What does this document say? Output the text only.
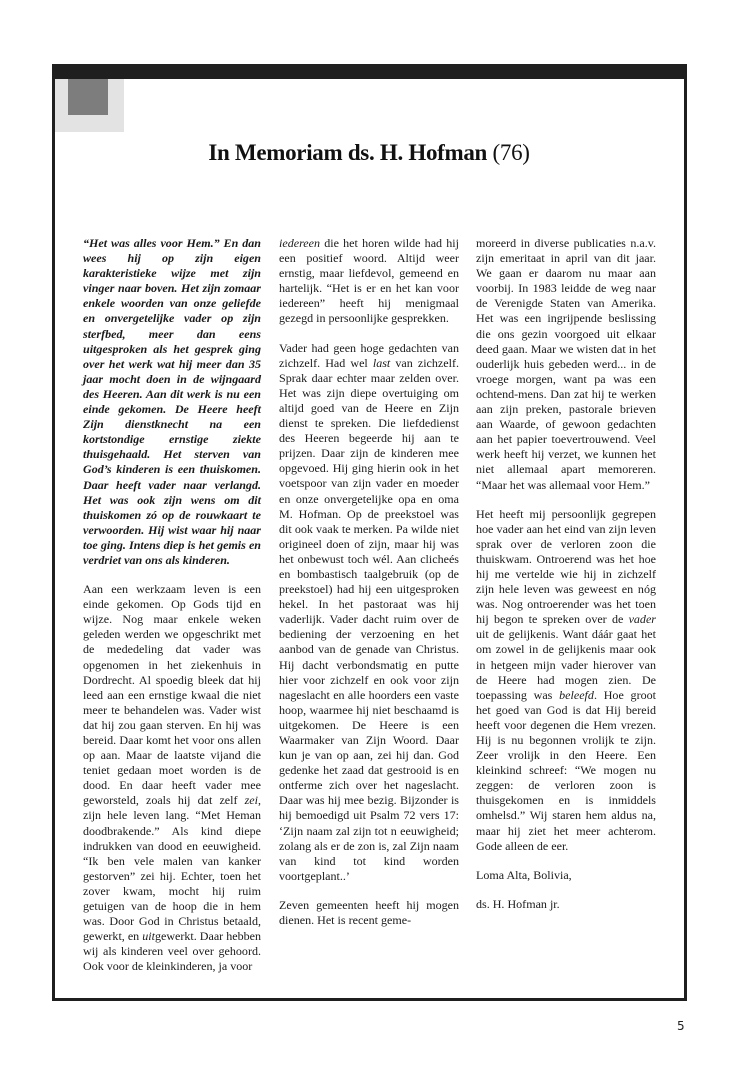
In Memoriam ds. H. Hofman (76)

“Het was alles voor Hem.” En dan wees hij op zijn eigen karakteristieke wijze met zijn vinger naar boven. Het zijn zomaar enkele woorden van onze geliefde en onvergetelijke vader op zijn sterfbed, meer dan eens uitgesproken als het gesprek ging over het werk wat hij meer dan 35 jaar mocht doen in de wijngaard des Heeren. Aan dit werk is nu een einde gekomen. De Heere heeft Zijn dienstknecht na een kortstondige ernstige ziekte thuisgehaald. Het sterven van God’s kinderen is een thuiskomen. Daar heeft vader naar verlangd. Het was ook zijn wens om dit thuiskomen zó op de rouwkaart te verwoorden. Hij wist waar hij naar toe ging. Intens diep is het gemis en verdriet van ons als kinderen.

Aan een werkzaam leven is een einde gekomen. Op Gods tijd en wijze. Nog maar enkele weken geleden werden we opgeschrikt met de mededeling dat vader was opgenomen in het ziekenhuis in Dordrecht. Al spoedig bleek dat hij leed aan een ernstige kwaal die niet meer te behandelen was. Vader wist dat hij zou gaan sterven. En hij was bereid. Daar komt het voor ons allen op aan. Maar de laatste vijand die teniet gedaan moet worden is de dood. En daar heeft vader mee geworsteld, zoals hij dat zelf zei, zijn hele leven lang. “Met Heman doodbrakende.” Als kind diepe indrukken van dood en eeuwigheid. “Ik ben vele malen van kanker gestorven” zei hij. Echter, toen het zover kwam, mocht hij ruim getuigen van de hoop die in hem was. Door God in Christus betaald, gewerkt, en uitgewerkt. Daar hebben wij als kinderen veel over gehoord. Ook voor de kleinkinderen, ja voor

iedereen die het horen wilde had hij een positief woord. Altijd weer ernstig, maar liefdevol, gemeend en hartelijk. “Het is er en het kan voor iedereen” heeft hij menigmaal gezegd in persoonlijke gesprekken.

Vader had geen hoge gedachten van zichzelf. Had wel last van zichzelf. Sprak daar echter maar zelden over. Het was zijn diepe overtuiging om altijd goed van de Heere en Zijn dienst te spreken. Die liefdedienst des Heeren begeerde hij aan te prijzen. Daar zijn de kinderen mee opgevoed. Hij ging hierin ook in het voetspoor van zijn vader en moeder en onze onvergetelijke opa en oma M. Hofman. Op de preekstoel was dit ook vaak te merken. Pa wilde niet origineel doen of zijn, maar hij was het onbewust toch wél. Aan clicheés en bombastisch taalgebruik (op de preekstoel) had hij een uitgesproken hekel. In het pastoraat was hij vaderlijk. Vader dacht ruim over de bediening der verzoening en het aanbod van de genade van Christus. Hij dacht verbondsmatig en putte hier voor zichzelf en ook voor zijn nageslacht en alle hoorders een vaste hoop, waarmee hij niet beschaamd is uitgekomen. De Heere is een Waarmaker van Zijn Woord. Daar kun je van op aan, zei hij dan. God gedenke het zaad dat gestrooid is en ontferme zich over het nageslacht. Daar was hij mee bezig. Bijzonder is hij bemoedigd uit Psalm 72 vers 17: ‘Zijn naam zal zijn tot n eeuwigheid; zolang als er de zon is, zal Zijn naam van kind tot kind worden voortgeplant..’

Zeven gemeenten heeft hij mogen dienen. Het is recent geme-

moreerd in diverse publicaties n.a.v. zijn emeritaat in april van dit jaar. We gaan er daarom nu maar aan voorbij. In 1983 leidde de weg naar de Verenigde Staten van Amerika. Het was een ingrijpende beslissing die ons gezin voorgoed uit elkaar deed gaan. Maar we wisten dat in het ouderlijk huis gebeden werd... in de vroege morgen, want pa was een ochtend-mens. Dan zat hij te werken aan zijn preken, pastorale brieven aan Waarde, of gewoon gedachten aan het papier toevertrouwend. Veel werk heeft hij verzet, we kunnen het niet allemaal apart memoreren. “Maar het was allemaal voor Hem.”

Het heeft mij persoonlijk gegrepen hoe vader aan het eind van zijn leven sprak over de verloren zoon die thuiskwam. Ontroerend was het hoe hij me vertelde wie hij in zichzelf zijn hele leven was geweest en nóg was. Nog ontroerender was het toen hij begon te spreken over de vader uit de gelijkenis. Want dáár gaat het om zowel in de gelijkenis maar ook in hetgeen mijn vader hierover van de Heere had mogen zien. De toepassing was beleefd. Hoe groot het goed van God is dat Hij bereid heeft voor degenen die Hem vrezen. Hij is nu begonnen vrolijk te zijn. Zeer vrolijk in den Heere. Een kleinkind schreef: “We mogen nu zeggen: de verloren zoon is thuisgekomen en is inmiddels omhelsd.” Wij staren hem aldus na, maar hij ziet het meer achterom. Gode alleen de eer.

Loma Alta, Bolivia,

ds. H. Hofman jr.

5
